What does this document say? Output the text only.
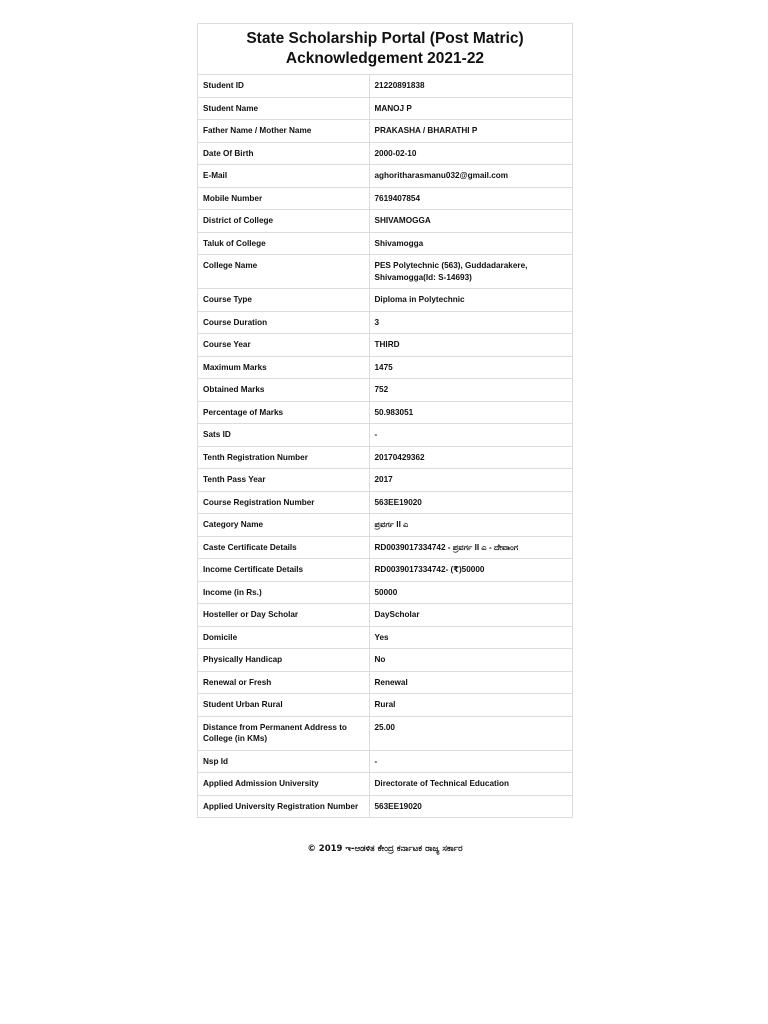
State Scholarship Portal (Post Matric)
Acknowledgement 2021-22
Student ID	21220891838
Student Name	MANOJ P
Father Name / Mother Name	PRAKASHA / BHARATHI P
Date Of Birth	2000-02-10
E-Mail	aghoritharasmanu032@gmail.com
Mobile Number	7619407854
District of College	SHIVAMOGGA
Taluk of College	Shivamogga
College Name	PES Polytechnic (563), Guddadarakere, Shivamogga(Id: S-14693)
Course Type	Diploma in Polytechnic
Course Duration	3
Course Year	THIRD
Maximum Marks	1475
Obtained Marks	752
Percentage of Marks	50.983051
Sats ID	-
Tenth Registration Number	20170429362
Tenth Pass Year	2017
Course Registration Number	563EE19020
Category Name	ಪ್ರವರ್ಗ II ಎ
Caste Certificate Details	RD0039017334742 - ಪ್ರವರ್ಗ II ಎ - ದೇವಾಂಗ
Income Certificate Details	RD0039017334742- (₹)50000
Income (in Rs.)	50000
Hosteller or Day Scholar	DayScholar
Domicile	Yes
Physically Handicap	No
Renewal or Fresh	Renewal
Student Urban Rural	Rural
Distance from Permanent Address to College (in KMs)	25.00
Nsp Id	-
Applied Admission University	Directorate of Technical Education
Applied University Registration Number	563EE19020
© 2019 ಇ-ಆಡಳಿತ ಕೇಂದ್ರ ಕರ್ನಾಟಕ ರಾಜ್ಯ ಸರ್ಕಾರ
